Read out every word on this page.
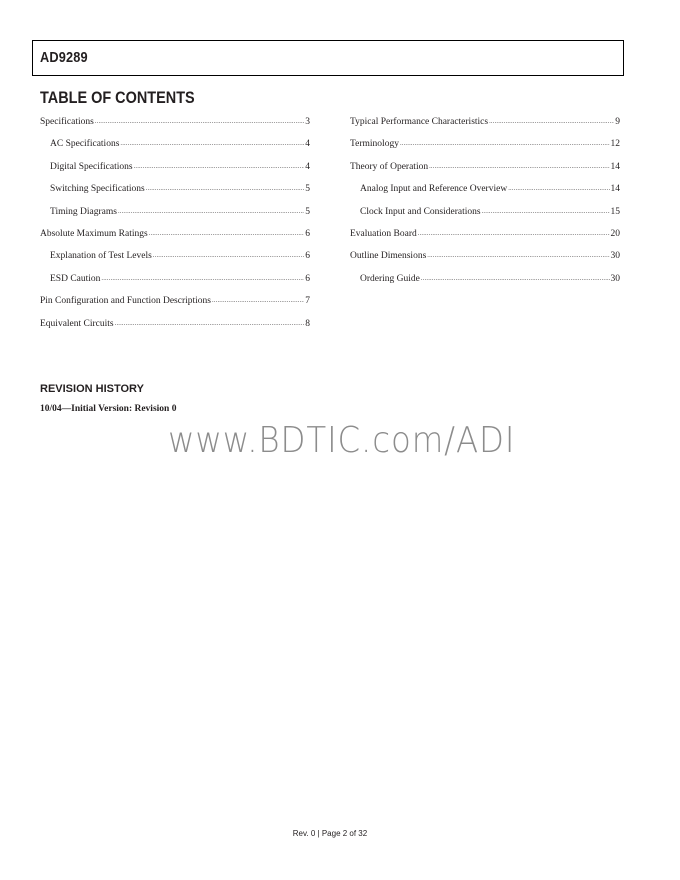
AD9289
TABLE OF CONTENTS
Specifications .....	3
AC Specifications .....	4
Digital Specifications .....	4
Switching Specifications .....	5
Timing Diagrams .....	5
Absolute Maximum Ratings .....	6
Explanation of Test Levels .....	6
ESD Caution .....	6
Pin Configuration and Function Descriptions .....	7
Equivalent Circuits .....	8
Typical Performance Characteristics .....	9
Terminology .....	12
Theory of Operation .....	14
Analog Input and Reference Overview .....	14
Clock Input and Considerations .....	15
Evaluation Board .....	20
Outline Dimensions .....	30
Ordering Guide .....	30
REVISION HISTORY
10/04—Initial Version: Revision 0
www.BDTIC.com/ADI
Rev. 0 | Page 2 of 32
